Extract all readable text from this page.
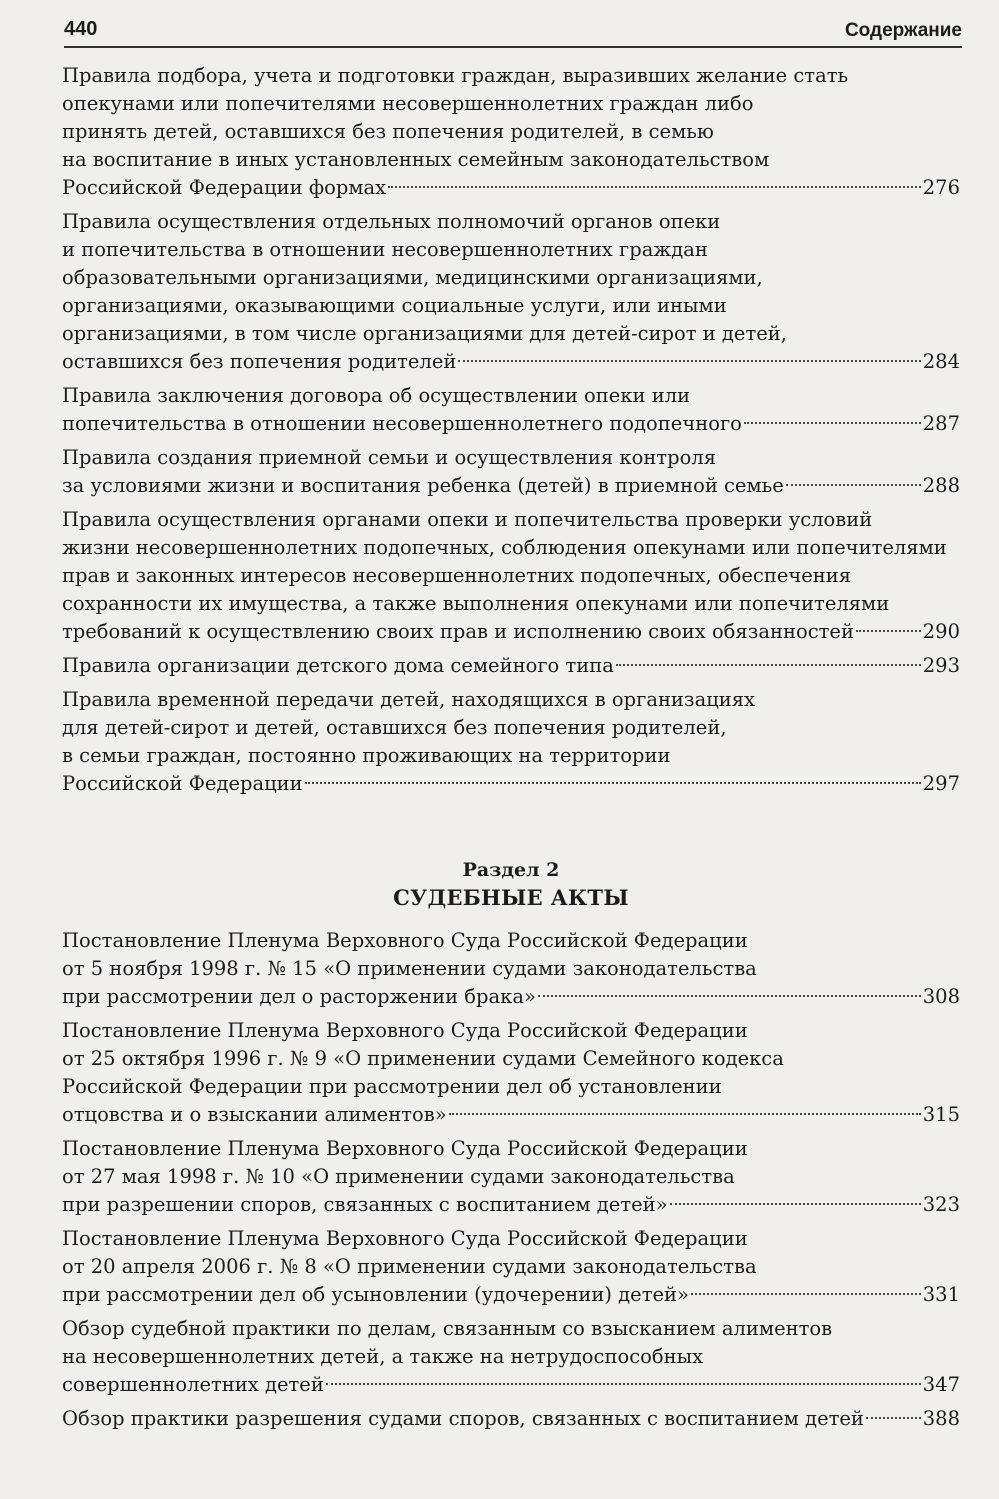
440	Содержание
Правила подбора, учета и подготовки граждан, выразивших желание стать
опекунами или попечителями несовершеннолетних граждан либо
принять детей, оставшихся без попечения родителей, в семью
на воспитание в иных установленных семейным законодательством
Российской Федерации формах	276
Правила осуществления отдельных полномочий органов опеки
и попечительства в отношении несовершеннолетних граждан
образовательными организациями, медицинскими организациями,
организациями, оказывающими социальные услуги, или иными
организациями, в том числе организациями для детей-сирот и детей,
оставшихся без попечения родителей	284
Правила заключения договора об осуществлении опеки или
попечительства в отношении несовершеннолетнего подопечного	287
Правила создания приемной семьи и осуществления контроля
за условиями жизни и воспитания ребенка (детей) в приемной семье	288
Правила осуществления органами опеки и попечительства проверки условий
жизни несовершеннолетних подопечных, соблюдения опекунами или попечителями
прав и законных интересов несовершеннолетних подопечных, обеспечения
сохранности их имущества, а также выполнения опекунами или попечителями
требований к осуществлению своих прав и исполнению своих обязанностей	290
Правила организации детского дома семейного типа	293
Правила временной передачи детей, находящихся в организациях
для детей-сирот и детей, оставшихся без попечения родителей,
в семьи граждан, постоянно проживающих на территории
Российской Федерации	297
Раздел 2
СУДЕБНЫЕ АКТЫ
Постановление Пленума Верховного Суда Российской Федерации
от 5 ноября 1998 г. № 15 «О применении судами законодательства
при рассмотрении дел о расторжении брака»	308
Постановление Пленума Верховного Суда Российской Федерации
от 25 октября 1996 г. № 9 «О применении судами Семейного кодекса
Российской Федерации при рассмотрении дел об установлении
отцовства и о взыскании алиментов»	315
Постановление Пленума Верховного Суда Российской Федерации
от 27 мая 1998 г. № 10 «О применении судами законодательства
при разрешении споров, связанных с воспитанием детей»	323
Постановление Пленума Верховного Суда Российской Федерации
от 20 апреля 2006 г. № 8 «О применении судами законодательства
при рассмотрении дел об усыновлении (удочерении) детей»	331
Обзор судебной практики по делам, связанным со взысканием алиментов
на несовершеннолетних детей, а также на нетрудоспособных
совершеннолетних детей	347
Обзор практики разрешения судами споров, связанных с воспитанием детей	388
